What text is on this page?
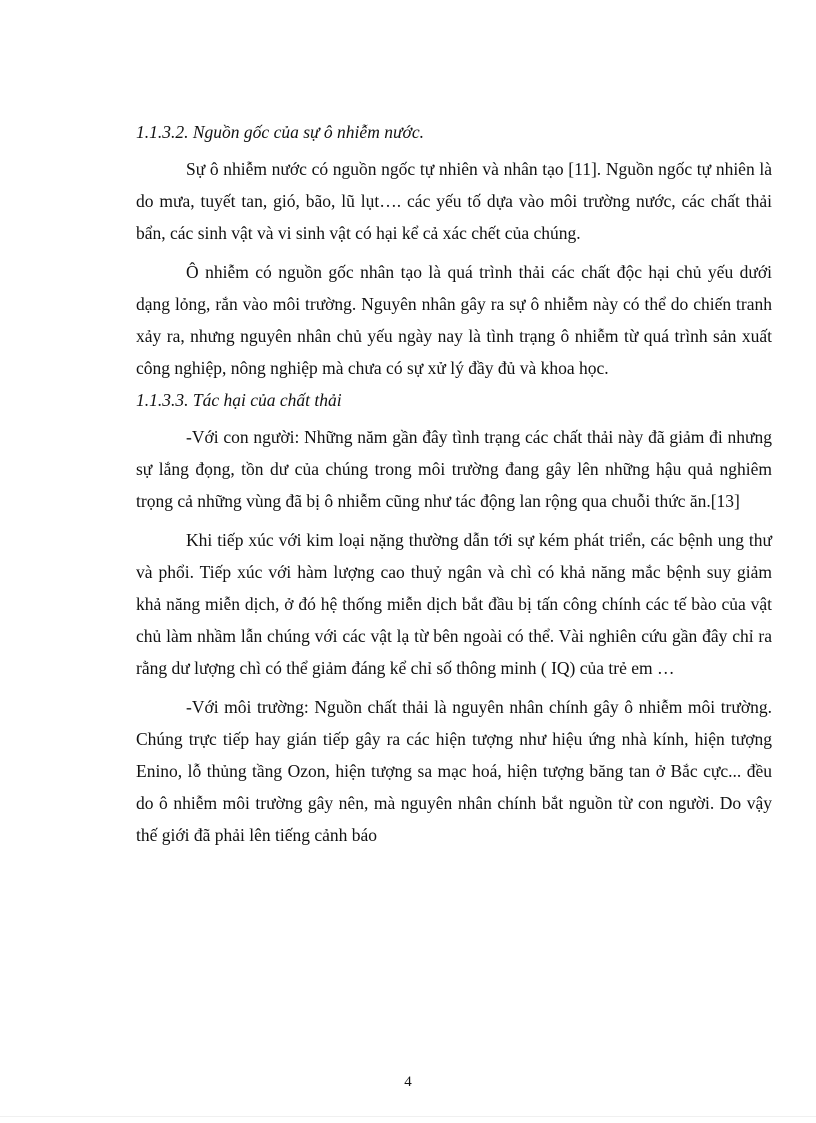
1.1.3.2. Nguồn gốc của sự ô nhiễm nước.

Sự ô nhiễm nước có nguồn ngốc tự nhiên và nhân tạo [11]. Nguồn ngốc tự nhiên là do mưa, tuyết tan, gió, bão, lũ lụt…. các yếu tố dựa vào môi trường nước, các chất thải bẩn, các sinh vật và vi sinh vật có hại kể cả xác chết của chúng.

Ô nhiễm có nguồn gốc nhân tạo là quá trình thải các chất độc hại chủ yếu dưới dạng lỏng, rắn vào môi trường. Nguyên nhân gây ra sự ô nhiễm này có thể do chiến tranh xảy ra, nhưng nguyên nhân chủ yếu ngày nay là tình trạng ô nhiễm từ quá trình sản xuất công nghiệp, nông nghiệp mà chưa có sự xử lý đầy đủ và khoa học.

1.1.3.3. Tác hại của chất thải

-Với con người: Những năm gần đây tình trạng các chất thải này đã giảm đi nhưng sự lắng đọng, tồn dư của chúng trong môi trường đang gây lên những hậu quả nghiêm trọng cả những vùng đã bị ô nhiễm cũng như tác động lan rộng qua chuỗi thức ăn.[13]

Khi tiếp xúc với kim loại nặng thường dẫn tới sự kém phát triển, các bệnh ung thư và phổi. Tiếp xúc với hàm lượng cao thuỷ ngân và chì có khả năng mắc bệnh suy giảm khả năng miễn dịch, ở đó hệ thống miễn dịch bắt đầu bị tấn công chính các tế bào của vật chủ làm nhầm lẫn chúng với các vật lạ từ bên ngoài có thể. Vài nghiên cứu gần đây chỉ ra rằng dư lượng chì có thể giảm đáng kể chỉ số thông minh ( IQ) của trẻ em …

-Với môi trường: Nguồn chất thải là nguyên nhân chính gây ô nhiễm môi trường. Chúng trực tiếp hay gián tiếp gây ra các hiện tượng như hiệu ứng nhà kính, hiện tượng Enino, lỗ thủng tầng Ozon, hiện tượng sa mạc hoá, hiện tượng băng tan ở Bắc cực... đều do ô nhiễm môi trường gây nên, mà nguyên nhân chính bắt nguồn từ con người. Do vậy thế giới đã phải lên tiếng cảnh báo

4
